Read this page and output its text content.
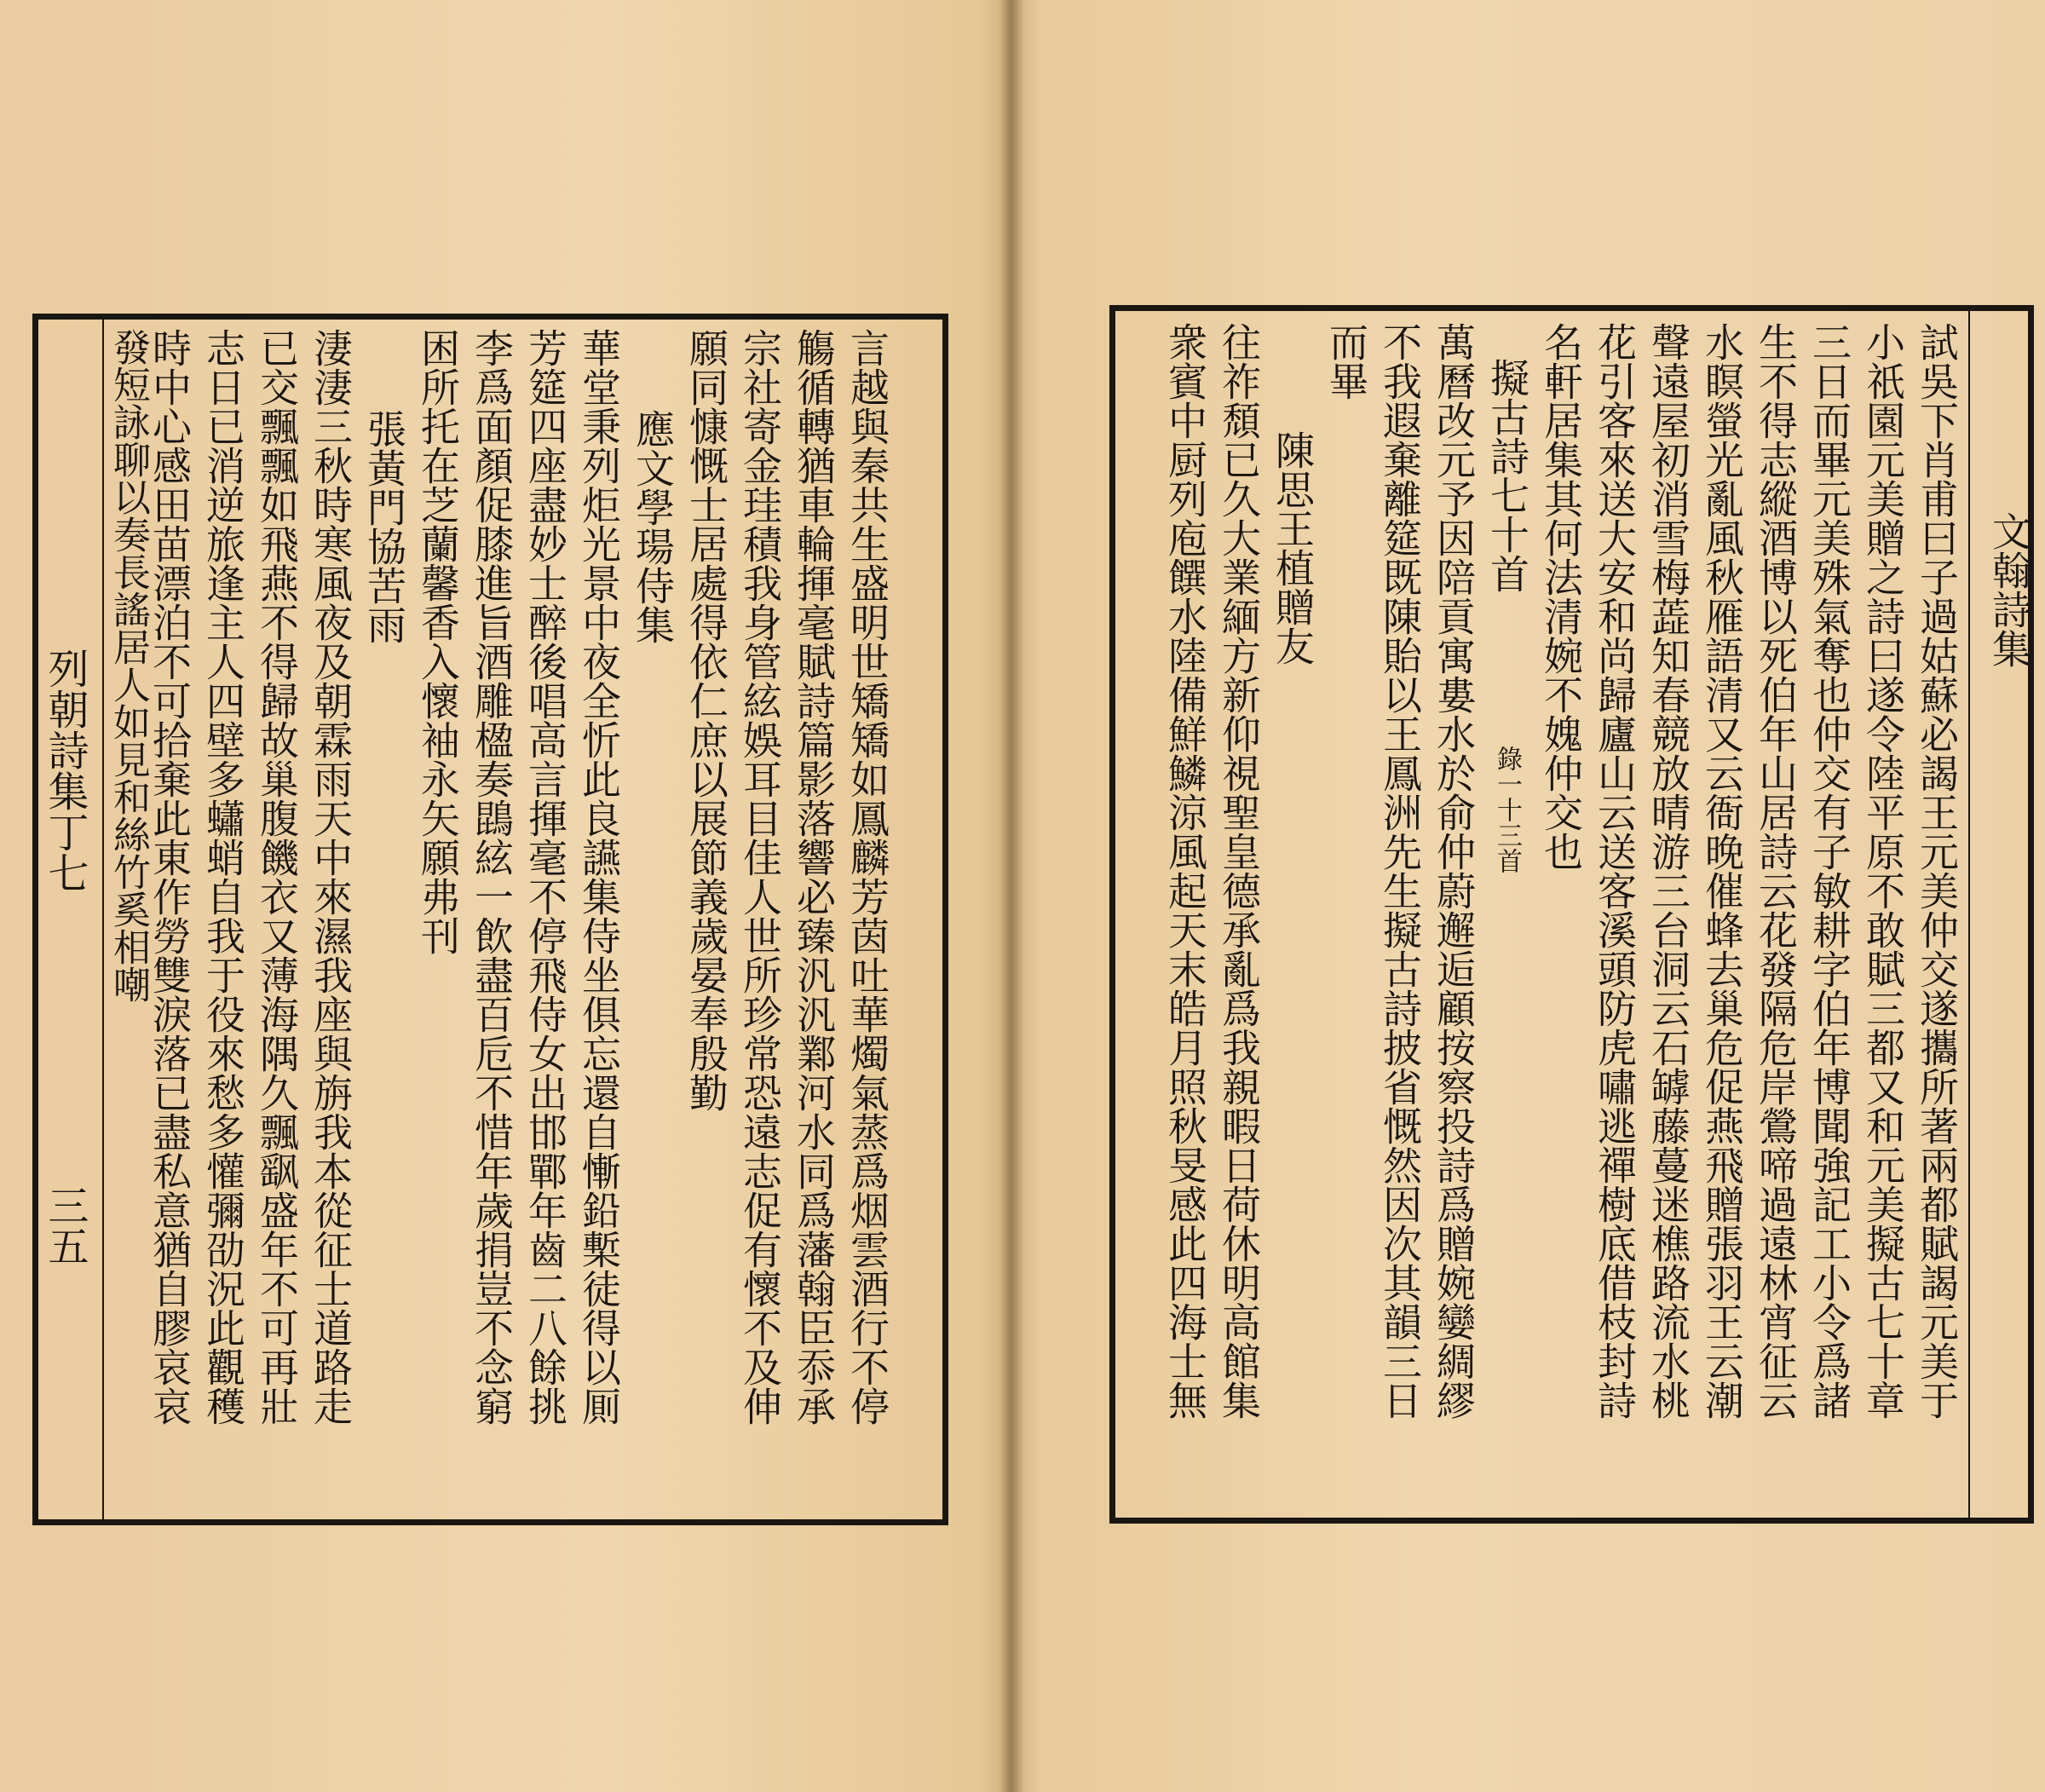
列朝詩集丁七
三五	言越與秦共生盛明世矯矯如鳳麟芳茵吐華燭氣蒸爲烟雲酒行不停
觴循轉猶車輪揮毫賦詩篇影落響必臻汎汎鄴河水同爲藩翰臣忝承
宗社寄金珪積我身管絃娛耳目佳人世所珍常恐遠志促有懷不及伸
願同慷慨士居處得依仁庶以展節義歲晏奉殷勤
應文學瑒侍集
華堂秉列炬光景中夜全忻此良讌集侍坐俱忘還自慚鉛槧徒得以厠
芳筵四座盡妙士醉後唱高言揮毫不停飛侍女出邯鄲年齒二八餘挑
李爲面顏促膝進旨酒雕楹奏鵾絃一飲盡百卮不惜年歲捐豈不念窮
困所托在芝蘭馨香入懷袖永矢願弗刊
張黃門協苦雨
淒淒三秋時寒風夜及朝霖雨天中來濕我座與旃我本從征士道路走
已交飄飄如飛燕不得歸故巢腹饑衣又薄海隅久飄飖盛年不可再壯
志日已消逆旅逢主人四壁多蠨蛸自我于役來愁多懽彌劭況此觀穫
時中心感田苗漂泊不可拾棄此東作勞雙淚落已盡私意猶自膠哀哀
發短詠聊以奏長謠居人如見和絲竹奚相嘲	文翰詩集
試吳下肖甫曰子過姑蘇必謁王元美仲交遂攜所著兩都賦謁元美于
小祇園元美贈之詩曰遂令陸平原不敢賦三都又和元美擬古七十章
三日而畢元美殊氣奪也仲交有子敏耕字伯年博聞強記工小令爲諸
生不得志縱酒博以死伯年山居詩云花發隔危岸鶯啼過遠林宵征云
水瞑螢光亂風秋雁語清又云衙晚催蜂去巢危促燕飛贈張羽王云潮
聲遠屋初消雪梅蕋知春競放晴游三台洞云石罅藤蔓迷樵路流水桃
花引客來送大安和尚歸廬山云送客溪頭防虎嘯逃禪樹底借枝封詩
名軒居集其何法清婉不媿仲交也
擬古詩七十首
錄一十三首
萬曆改元予因陪貢寓婁水於俞仲蔚邂逅顧按察投詩爲贈婉孌綢繆
不我遐棄離筵既陳貽以王鳳洲先生擬古詩披省慨然因次其韻三日
而畢
陳思王植贈友
往祚頹已久大業緬方新仰視聖皇德承亂爲我親暇日荷休明高館集
衆賓中厨列庖饌水陸備鮮鱗涼風起天末皓月照秋旻感此四海士無
